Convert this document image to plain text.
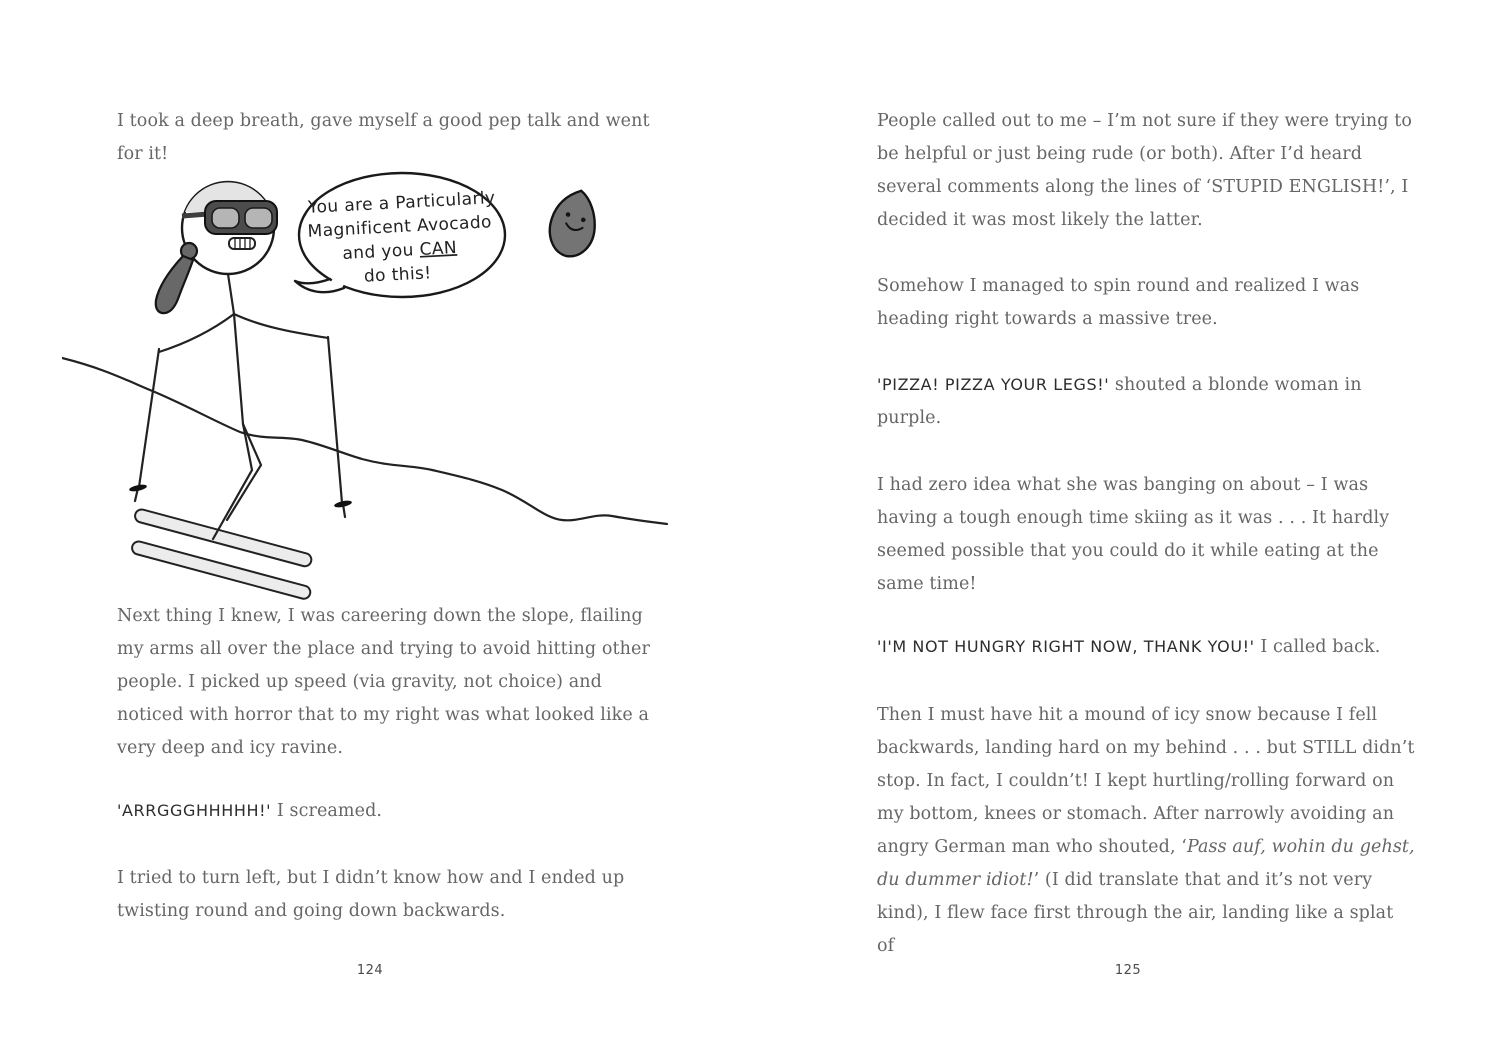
I took a deep breath, gave myself a good pep talk and went for it!
You are a Particularly
Magnificent Avocado
and you CAN
do this!
Next thing I knew, I was careering down the slope, flailing my arms all over the place and trying to avoid hitting other people. I picked up speed (via gravity, not choice) and noticed with horror that to my right was what looked like a very deep and icy ravine.
'ARRGGGHHHHH!' I screamed.
I tried to turn left, but I didn’t know how and I ended up twisting round and going down backwards.
124
People called out to me – I’m not sure if they were trying to be helpful or just being rude (or both). After I’d heard several comments along the lines of ‘STUPID ENGLISH!’, I decided it was most likely the latter.
Somehow I managed to spin round and realized I was heading right towards a massive tree.
'PIZZA! PIZZA YOUR LEGS!' shouted a blonde woman in purple.
I had zero idea what she was banging on about – I was having a tough enough time skiing as it was . . . It hardly seemed possible that you could do it while eating at the same time!
'I'M NOT HUNGRY RIGHT NOW, THANK YOU!' I called back.
Then I must have hit a mound of icy snow because I fell backwards, landing hard on my behind . . . but STILL didn’t stop. In fact, I couldn’t! I kept hurtling/rolling forward on my bottom, knees or stomach. After narrowly avoiding an angry German man who shouted, ‘Pass auf, wohin du gehst, du dummer idiot!’ (I did translate that and it’s not very kind), I flew face first through the air, landing like a splat of
125
